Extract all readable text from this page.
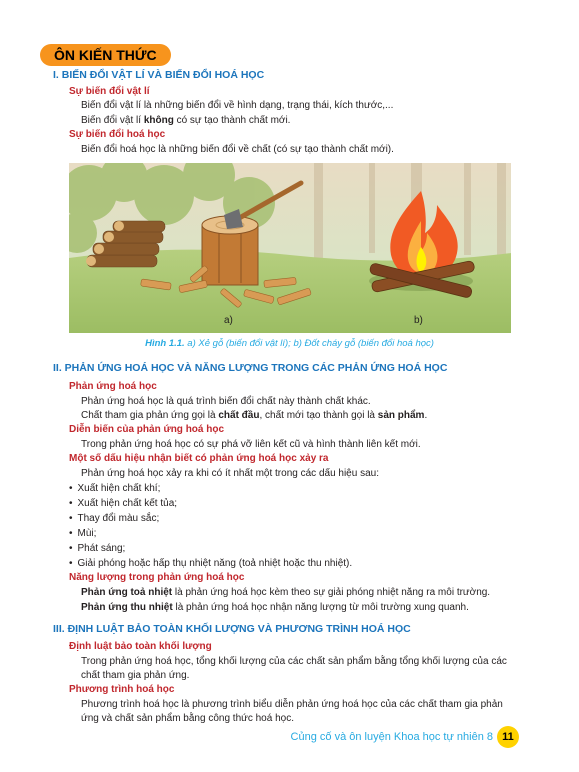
ÔN KIẾN THỨC
I. BIẾN ĐỔI VẬT LÍ VÀ BIẾN ĐỔI HOÁ HỌC
Sự biến đổi vật lí
Biến đổi vật lí là những biến đổi về hình dạng, trạng thái, kích thước,...
Biến đổi vật lí không có sự tạo thành chất mới.
Sự biến đổi hoá học
Biến đổi hoá học là những biến đổi về chất (có sự tạo thành chất mới).
a)	b)
Hình 1.1. a) Xẻ gỗ (biến đổi vật lí); b) Đốt cháy gỗ (biến đổi hoá học)
II. PHẢN ỨNG HOÁ HỌC VÀ NĂNG LƯỢNG TRONG CÁC PHẢN ỨNG HOÁ HỌC
Phản ứng hoá học
Phản ứng hoá học là quá trình biến đổi chất này thành chất khác.
Chất tham gia phản ứng gọi là chất đầu, chất mới tạo thành gọi là sản phẩm.
Diễn biến của phản ứng hoá học
Trong phản ứng hoá học có sự phá vỡ liên kết cũ và hình thành liên kết mới.
Một số dấu hiệu nhận biết có phản ứng hoá học xảy ra
Phản ứng hoá học xảy ra khi có ít nhất một trong các dấu hiệu sau:
• Xuất hiện chất khí;
• Xuất hiện chất kết tủa;
• Thay đổi màu sắc;
• Mùi;
• Phát sáng;
• Giải phóng hoặc hấp thụ nhiệt năng (toả nhiệt hoặc thu nhiệt).
Năng lượng trong phản ứng hoá học
Phản ứng toả nhiệt là phản ứng hoá học kèm theo sự giải phóng nhiệt năng ra môi trường.
Phản ứng thu nhiệt là phản ứng hoá học nhận năng lượng từ môi trường xung quanh.
III. ĐỊNH LUẬT BẢO TOÀN KHỐI LƯỢNG VÀ PHƯƠNG TRÌNH HOÁ HỌC
Định luật bảo toàn khối lượng
Trong phản ứng hoá học, tổng khối lượng của các chất sản phẩm bằng tổng khối lượng của các
chất tham gia phản ứng.
Phương trình hoá học
Phương trình hoá học là phương trình biểu diễn phản ứng hoá học của các chất tham gia phản
ứng và chất sản phẩm bằng công thức hoá học.
Củng cố và ôn luyện Khoa học tự nhiên 8 11
